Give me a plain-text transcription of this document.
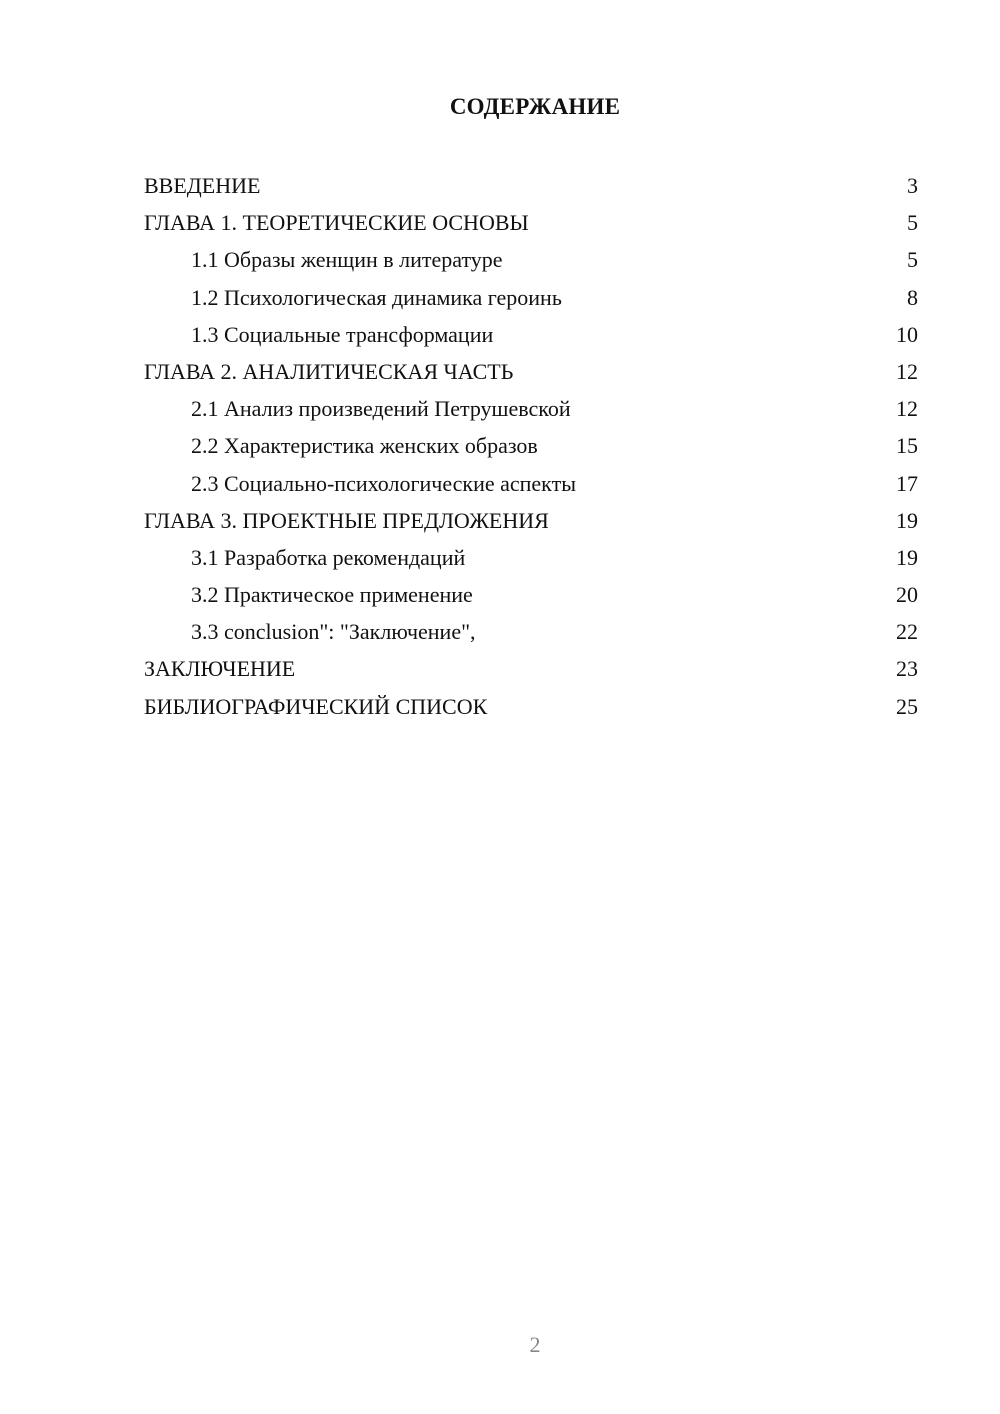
СОДЕРЖАНИЕ
ВВЕДЕНИЕ	3
ГЛАВА 1. ТЕОРЕТИЧЕСКИЕ ОСНОВЫ	5
1.1 Образы женщин в литературе	5
1.2 Психологическая динамика героинь	8
1.3 Социальные трансформации	10
ГЛАВА 2. АНАЛИТИЧЕСКАЯ ЧАСТЬ	12
2.1 Анализ произведений Петрушевской	12
2.2 Характеристика женских образов	15
2.3 Социально-психологические аспекты	17
ГЛАВА 3. ПРОЕКТНЫЕ ПРЕДЛОЖЕНИЯ	19
3.1 Разработка рекомендаций	19
3.2 Практическое применение	20
3.3 conclusion": "Заключение",	22
ЗАКЛЮЧЕНИЕ	23
БИБЛИОГРАФИЧЕСКИЙ СПИСОК	25
2
